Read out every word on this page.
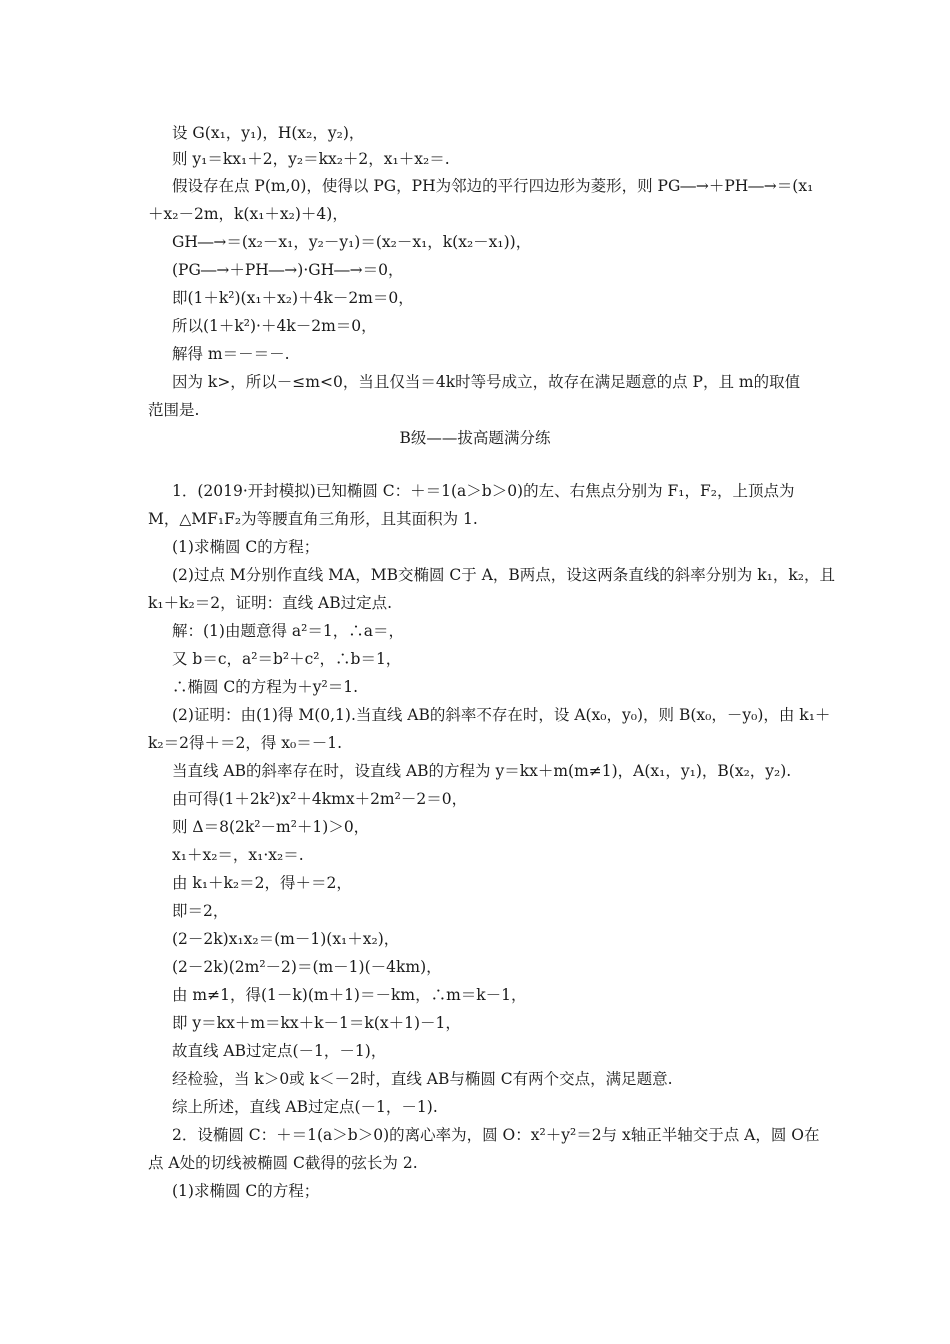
设 G(x₁，y₁)，H(x₂，y₂)，
则 y₁＝kx₁＋2，y₂＝kx₂＋2，x₁＋x₂＝.
假设存在点 P(m,0)，使得以 PG，PH为邻边的平行四边形为菱形，则 PG―→＋PH―→＝(x₁
＋x₂－2m，k(x₁＋x₂)＋4)，
GH―→＝(x₂－x₁，y₂－y₁)＝(x₂－x₁，k(x₂－x₁))，
(PG―→＋PH―→)·GH―→＝0，
即(1＋k²)(x₁＋x₂)＋4k－2m＝0，
所以(1＋k²)·＋4k－2m＝0，
解得 m＝－＝－.
因为 k>，所以－≤m<0，当且仅当＝4k时等号成立，故存在满足题意的点 P，且 m的取值
范围是.
B级——拔高题满分练
1．(2019·开封模拟)已知椭圆 C：＋＝1(a＞b＞0)的左、右焦点分别为 F₁，F₂，上顶点为
M，△MF₁F₂为等腰直角三角形，且其面积为 1.
(1)求椭圆 C的方程；
(2)过点 M分别作直线 MA，MB交椭圆 C于 A，B两点，设这两条直线的斜率分别为 k₁，k₂，且
k₁＋k₂＝2，证明：直线 AB过定点.
解：(1)由题意得 a²＝1，∴a＝，
又 b＝c，a²＝b²＋c²，∴b＝1，
∴椭圆 C的方程为＋y²＝1.
(2)证明：由(1)得 M(0,1).当直线 AB的斜率不存在时，设 A(x₀，y₀)，则 B(x₀，－y₀)，由 k₁＋
k₂＝2得＋＝2，得 x₀＝－1.
当直线 AB的斜率存在时，设直线 AB的方程为 y＝kx＋m(m≠1)，A(x₁，y₁)，B(x₂，y₂).
由可得(1＋2k²)x²＋4kmx＋2m²－2＝0，
则 Δ＝8(2k²－m²＋1)＞0，
x₁＋x₂＝，x₁·x₂＝.
由 k₁＋k₂＝2，得＋＝2，
即＝2，
(2－2k)x₁x₂＝(m－1)(x₁＋x₂)，
(2－2k)(2m²－2)＝(m－1)(－4km)，
由 m≠1，得(1－k)(m＋1)＝－km，∴m＝k－1，
即 y＝kx＋m＝kx＋k－1＝k(x＋1)－1，
故直线 AB过定点(－1，－1)，
经检验，当 k＞0或 k＜－2时，直线 AB与椭圆 C有两个交点，满足题意.
综上所述，直线 AB过定点(－1，－1).
2．设椭圆 C：＋＝1(a＞b＞0)的离心率为，圆 O：x²＋y²＝2与 x轴正半轴交于点 A，圆 O在
点 A处的切线被椭圆 C截得的弦长为 2.
(1)求椭圆 C的方程；
